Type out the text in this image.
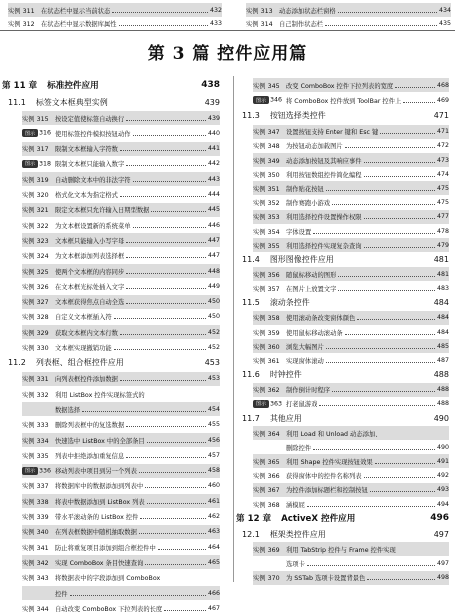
实例 311	在状态栏中显示当前状态	432
实例 312	在状态栏中显示数据库属性	433
实例 313	动态添加状态栏窗格	434
实例 314	自己制作状态栏	435
第 3 篇 控件应用篇
第 11 章 标准控件应用	438
11.1 标签文本框典型实例	439
实例 315	按设定值使标签自动换行	439
图示 316 使用标签控件模拟按钮动作	440
实例 317	限制文本框输入字符数	441
图示 318 限制文本框只能输入数字	442
实例 319	自动删除文本中的非法字符	443
实例 320	格式化文本为指定格式	444
实例 321	限定文本框只允许输入日期型数据	445
实例 322	为文本框设置新的系统菜单	446
实例 323	文本框只能输入小写字母	447
实例 324	为文本框添加列表选择框	447
实例 325	使两个文本框的内容同步	448
实例 326	在文本框光标处插入文字	449
实例 327	文本框获得焦点自动全选	450
实例 328	自定义文本框插入符	450
实例 329	获取文本框内文本行数	452
实例 330	文本框实现撤销功能	452
11.2 列表框、组合框控件应用	453
实例 331	向列表框控件添加数据	453
实例 332	利用 ListBox 控件实现标签式的
数据选择	454
实例 333	删除列表框中的复选数据	455
实例 334	快速选中 ListBox 中的全部条目	456
实例 335	列表中拒绝添加重复信息	457
图示 336 移动列表中项目到另一个列表	458
实例 337	将数据库中的数据添加到列表中	460
实例 338	将表中数据添加到 ListBox 列表	461
实例 339	带水平滚动条的 ListBox 控件	462
实例 340	在列表框数据中随机抽取数据	463
实例 341	防止将重复项目添加到组合框控件中	464
实例 342	实现 ComboBox 条目快速查询	465
实例 343	将数据表中的字段添加到 ComboBox
控件	466
实例 344	自动改变 ComboBox 下拉列表的长度	467
实例 345	改变 ComboBox 控件下拉列表的宽度	468
图示 346 将 ComboBox 控件放到 ToolBar 控件上	469
11.3 按钮选择类控件	471
实例 347	设置按钮支持 Enter 键和 Esc 键	471
实例 348	为按钮动态加载图片	472
实例 349	动态添加按钮及其响应事件	473
实例 350	利用按钮数组控件简化编程	474
实例 351	制作贴花按钮	475
实例 352	制作赛跑小游戏	475
实例 353	利用选择控件设置操作权限	477
实例 354	字体设置	478
实例 355	利用选择控件实现复杂查询	479
11.4 图形图像控件应用	481
实例 356	随鼠标移动的图形	481
实例 357	在图片上放置文字	483
11.5 滚动条控件	484
实例 358	使用滚动条改变窗体颜色	484
实例 359	使用鼠标移动滚动条	484
实例 360	浏览大幅图片	485
实例 361	实现窗体滚动	487
11.6 时钟控件	488
实例 362	制作倒计时程序	488
图示 363 打老鼠游戏	488
11.7 其他应用	490
实例 364	利用 Load 和 Unload 动态添加、
删除控件	490
实例 365	利用 Shape 控件实现按钮效果	491
实例 366	获得窗体中的控件名称列表	492
实例 367	为控件添加标题栏和控制按钮	493
实例 368	涵模屁	494
第 12 章 ActiveX 控件应用	496
12.1 框架类控件应用	497
实例 369	利用 TabStrip 控件与 Frame 控件实现
选项卡	497
实例 370	为 SSTab 选项卡设置背景色	498
